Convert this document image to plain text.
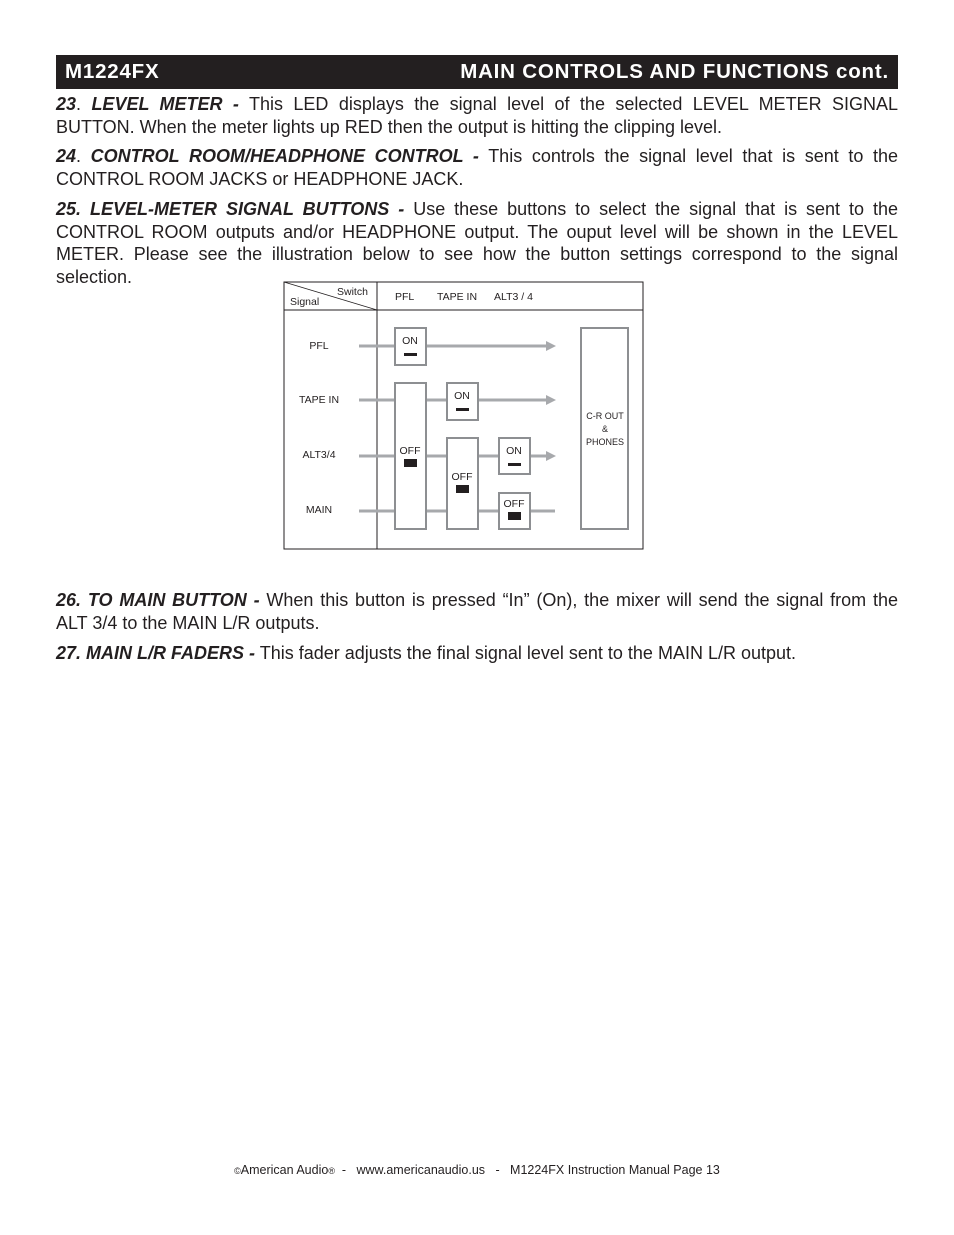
M1224FX	MAIN CONTROLS AND FUNCTIONS cont.

23. LEVEL METER - This LED displays the signal level of the selected LEVEL METER SIGNAL BUTTON. When the meter lights up RED then the output is hitting the clipping level.

24. CONTROL ROOM/HEADPHONE CONTROL - This controls the signal level that is sent to the CONTROL ROOM JACKS or HEADPHONE JACK.

25. LEVEL-METER SIGNAL BUTTONS - Use these buttons to select the signal that is sent to the CONTROL ROOM outputs and/or HEADPHONE output. The ouput level will be shown in the LEVEL METER. Please see the illustration below to see how the button settings correspond to the signal selection.

Switch
Signal	PFL TAPE IN ALT3 / 4
PFL
TAPE IN
ALT3/4
MAIN
ON
OFF
ON
OFF
ON
OFF
C-R OUT
&
PHONES

26. TO MAIN BUTTON - When this button is pressed “In” (On), the mixer will send the signal from the ALT 3/4 to the MAIN L/R outputs.

27. MAIN L/R FADERS - This fader adjusts the final signal level sent to the MAIN L/R output.

©American Audio®  -   www.americanaudio.us   -   M1224FX Instruction Manual Page 13
